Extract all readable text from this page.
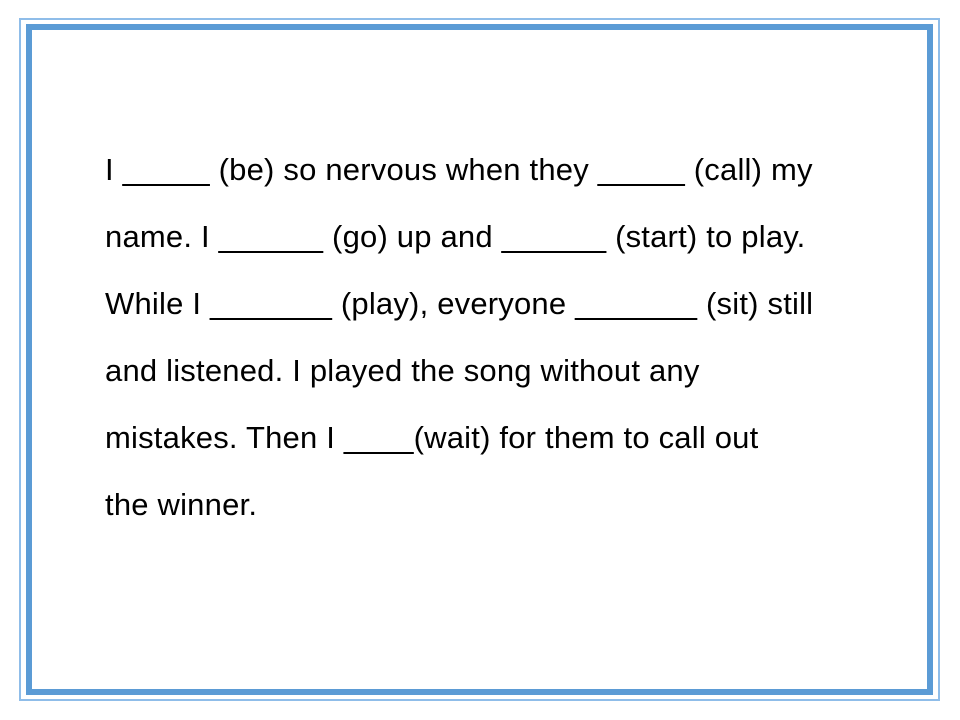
I _____ (be) so nervous when they _____ (call) my
name. I ______ (go) up and ______ (start) to play.
While I _______ (play), everyone _______ (sit) still
and listened. I played the song without any
mistakes. Then I ____(wait) for them to call out
the winner.
